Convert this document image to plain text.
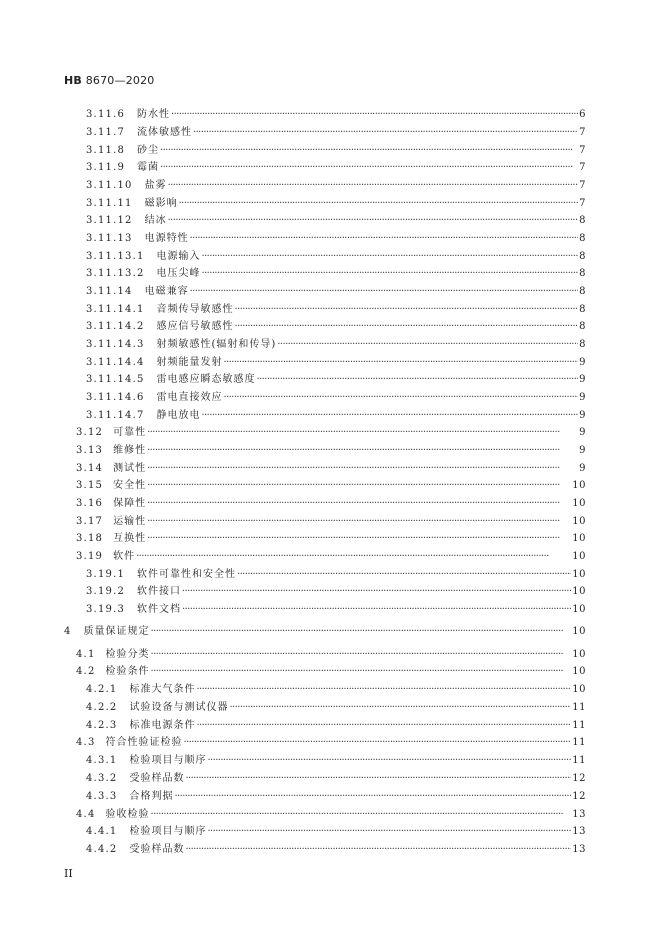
HB 8670—2020
3.11.6 防水性 ·····	6
3.11.7 流体敏感性 ·····	7
3.11.8 砂尘 ·····	7
3.11.9 霉菌 ·····	7
3.11.10 盐雾 ·····	7
3.11.11 磁影响 ·····	7
3.11.12 结冰 ·····	8
3.11.13 电源特性 ·····	8
3.11.13.1 电源输入 ·····	8
3.11.13.2 电压尖峰 ·····	8
3.11.14 电磁兼容 ·····	8
3.11.14.1 音频传导敏感性 ·····	8
3.11.14.2 感应信号敏感性 ·····	8
3.11.14.3 射频敏感性(辐射和传导) ·····	8
3.11.14.4 射频能量发射 ·····	9
3.11.14.5 雷电感应瞬态敏感度 ·····	9
3.11.14.6 雷电直接效应 ·····	9
3.11.14.7 静电放电 ·····	9
3.12 可靠性 ·····	9
3.13 维修性 ·····	9
3.14 测试性 ·····	9
3.15 安全性 ·····	10
3.16 保障性 ·····	10
3.17 运输性 ·····	10
3.18 互换性 ·····	10
3.19 软件 ·····	10
3.19.1 软件可靠性和安全性 ·····	10
3.19.2 软件接口 ·····	10
3.19.3 软件文档 ·····	10
4 质量保证规定 ·····	10
4.1 检验分类 ·····	10
4.2 检验条件 ·····	10
4.2.1 标准大气条件 ·····	10
4.2.2 试验设备与测试仪器 ·····	11
4.2.3 标准电源条件 ·····	11
4.3 符合性验证检验 ·····	11
4.3.1 检验项目与顺序 ·····	11
4.3.2 受验样品数 ·····	12
4.3.3 合格判据 ·····	12
4.4 验收检验 ·····	13
4.4.1 检验项目与顺序 ·····	13
4.4.2 受验样品数 ·····	13
II
